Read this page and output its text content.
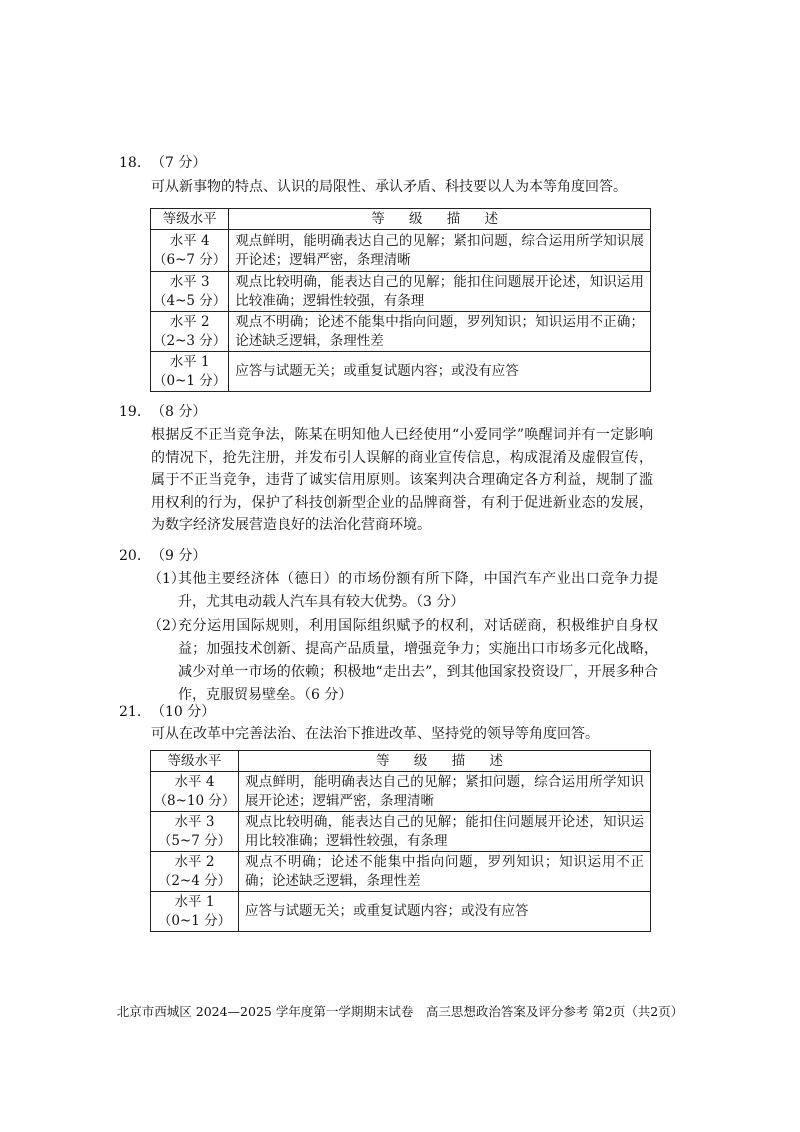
18. （7 分）

可从新事物的特点、认识的局限性、承认矛盾、科技要以人为本等角度回答。

等级水平	等 级 描 述

水平 4
（6~7 分）	观点鲜明，能明确表达自己的见解；紧扣问题，综合运用所学知识展开论述；逻辑严密，条理清晰

水平 3
（4~5 分）	观点比较明确，能表达自己的见解；能扣住问题展开论述，知识运用比较准确；逻辑性较强，有条理

水平 2
（2~3 分）	观点不明确；论述不能集中指向问题，罗列知识；知识运用不正确；论述缺乏逻辑，条理性差

水平 1
（0~1 分）	应答与试题无关；或重复试题内容；或没有应答
19. （8 分）

根据反不正当竞争法，陈某在明知他人已经使用“小爱同学”唤醒词并有一定影响的情况下，抢先注册，并发布引人误解的商业宣传信息，构成混淆及虚假宣传，属于不正当竞争，违背了诚实信用原则。该案判决合理确定各方利益，规制了滥用权利的行为，保护了科技创新型企业的品牌商誉，有利于促进新业态的发展，为数字经济发展营造良好的法治化营商环境。

20. （9 分）
（1）
其他主要经济体（德日）的市场份额有所下降，中国汽车产业出口竞争力提升，尤其电动载人汽车具有较大优势。（3 分）
（2）
充分运用国际规则，利用国际组织赋予的权利，对话磋商，积极维护自身权益；加强技术创新、提高产品质量，增强竞争力；实施出口市场多元化战略，减少对单一市场的依赖；积极地“走出去”，到其他国家投资设厂，开展多种合作，克服贸易壁垒。（6 分）
21. （10 分）

可从在改革中完善法治、在法治下推进改革、坚持党的领导等角度回答。

等级水平	等 级 描 述

水平 4
（8~10 分）	观点鲜明，能明确表达自己的见解；紧扣问题，综合运用所学知识展开论述；逻辑严密，条理清晰

水平 3
（5~7 分）	观点比较明确，能表达自己的见解；能扣住问题展开论述，知识运用比较准确；逻辑性较强，有条理

水平 2
（2~4 分）	观点不明确；论述不能集中指向问题，罗列知识；知识运用不正确；论述缺乏逻辑，条理性差

水平 1
（0~1 分）	应答与试题无关；或重复试题内容；或没有应答
北京市西城区 2024—2025 学年度第一学期期末试卷　高三思想政治答案及评分参考 第2页（共2页）
